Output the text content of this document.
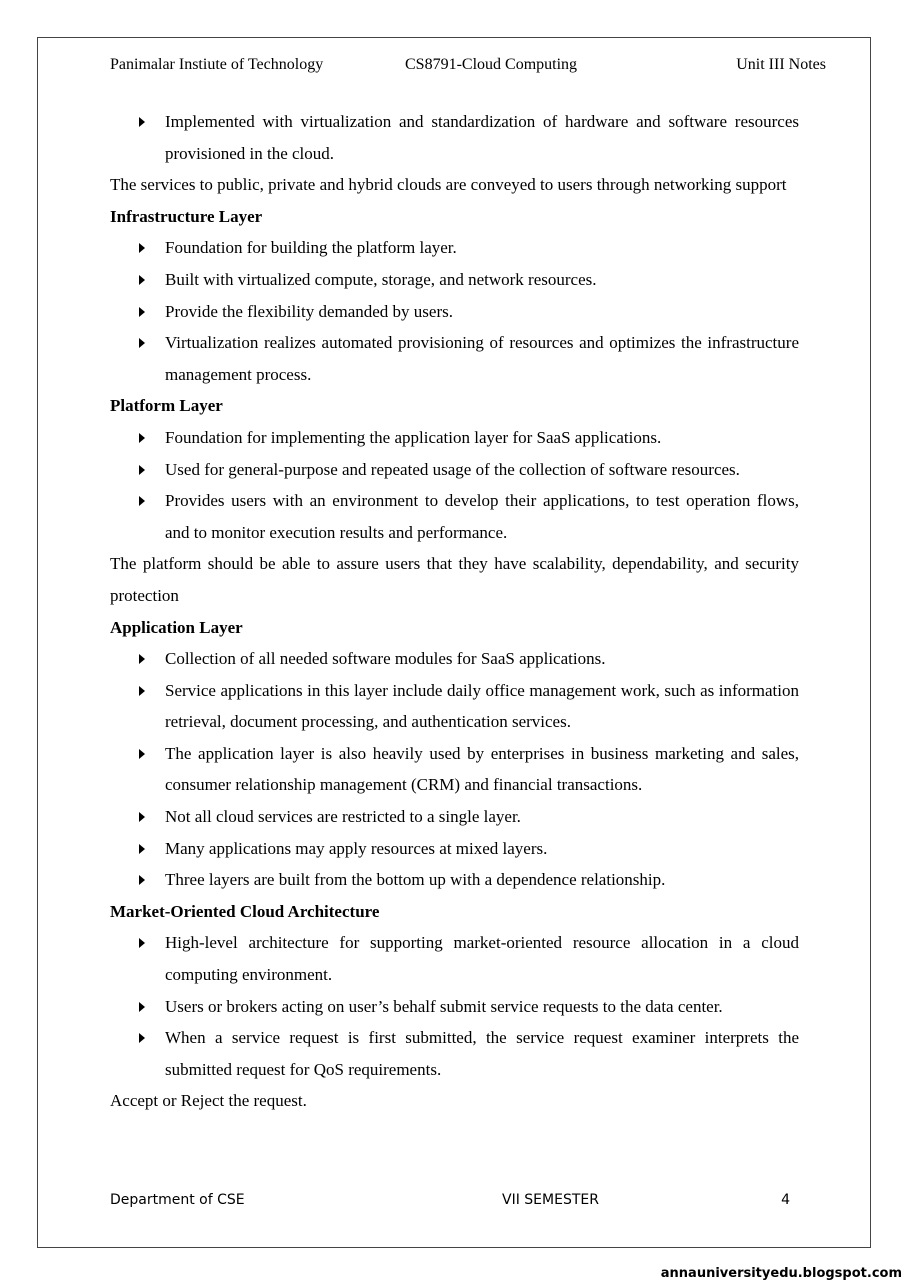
Panimalar Instiute of Technology	CS8791-Cloud Computing	Unit III Notes
Implemented with virtualization and standardization of hardware and software resources provisioned in the cloud.

The services to public, private and hybrid clouds are conveyed to users through networking support

Infrastructure Layer
Foundation for building the platform layer.
Built with virtualized compute, storage, and network resources.
Provide the flexibility demanded by users.
Virtualization realizes automated provisioning of resources and optimizes the infrastructure management process.
Platform Layer
Foundation for implementing the application layer for SaaS applications.
Used for general-purpose and repeated usage of the collection of software resources.
Provides users with an environment to develop their applications, to test operation flows, and to monitor execution results and performance.

The platform should be able to assure users that they have scalability, dependability, and security protection

Application Layer
Collection of all needed software modules for SaaS applications.
Service applications in this layer include daily office management work, such as information retrieval, document processing, and authentication services.
The application layer is also heavily used by enterprises in business marketing and sales, consumer relationship management (CRM) and financial transactions.
Not all cloud services are restricted to a single layer.
Many applications may apply resources at mixed layers.
Three layers are built from the bottom up with a dependence relationship.
Market-Oriented Cloud Architecture
High-level architecture for supporting market-oriented resource allocation in a cloud computing environment.
Users or brokers acting on user’s behalf submit service requests to the data center.
When a service request is first submitted, the service request examiner interprets the submitted request for QoS requirements.

Accept or Reject the request.

Department of CSE	VII SEMESTER	4
annauniversityedu.blogspot.com
